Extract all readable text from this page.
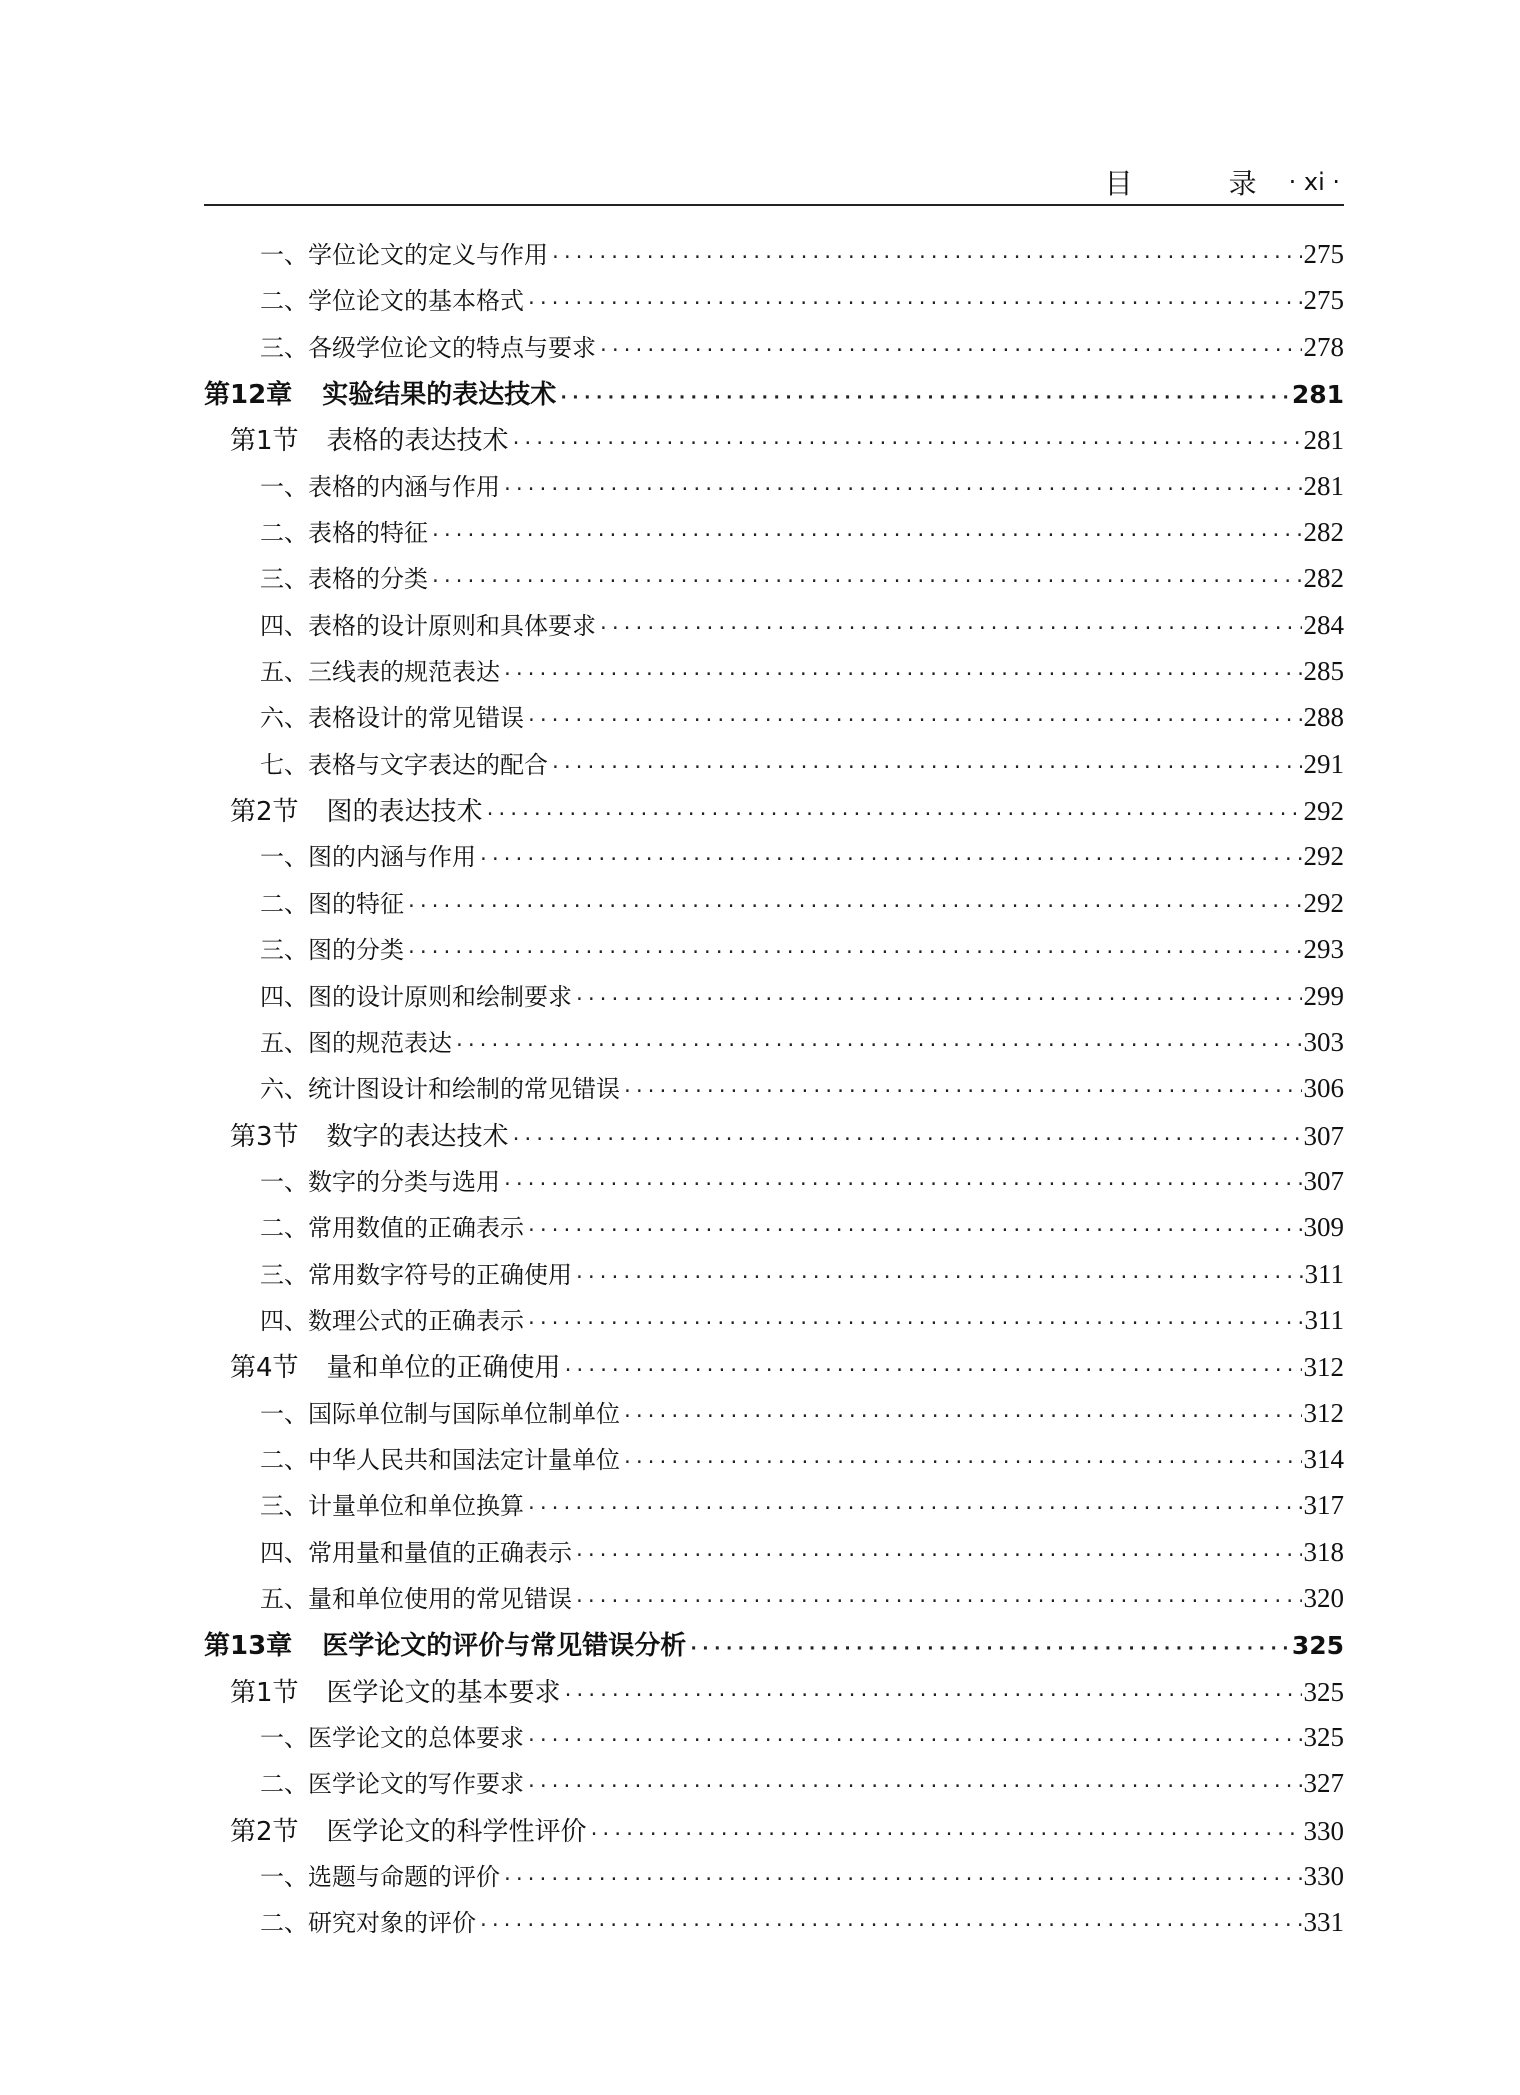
目　录
· xi ·
一、学位论文的定义与作用 ·····	275
二、学位论文的基本格式 ·····	275
三、各级学位论文的特点与要求 ·····	278
第12章 实验结果的表达技术 ·····	281
第1节 表格的表达技术 ·····	281
一、表格的内涵与作用 ·····	281
二、表格的特征 ·····	282
三、表格的分类 ·····	282
四、表格的设计原则和具体要求 ·····	284
五、三线表的规范表达 ·····	285
六、表格设计的常见错误 ·····	288
七、表格与文字表达的配合 ·····	291
第2节 图的表达技术 ·····	292
一、图的内涵与作用 ·····	292
二、图的特征 ·····	292
三、图的分类 ·····	293
四、图的设计原则和绘制要求 ·····	299
五、图的规范表达 ·····	303
六、统计图设计和绘制的常见错误 ·····	306
第3节 数字的表达技术 ·····	307
一、数字的分类与选用 ·····	307
二、常用数值的正确表示 ·····	309
三、常用数字符号的正确使用 ·····	311
四、数理公式的正确表示 ·····	311
第4节 量和单位的正确使用 ·····	312
一、国际单位制与国际单位制单位 ·····	312
二、中华人民共和国法定计量单位 ·····	314
三、计量单位和单位换算 ·····	317
四、常用量和量值的正确表示 ·····	318
五、量和单位使用的常见错误 ·····	320
第13章 医学论文的评价与常见错误分析 ·····	325
第1节 医学论文的基本要求 ·····	325
一、医学论文的总体要求 ·····	325
二、医学论文的写作要求 ·····	327
第2节 医学论文的科学性评价 ·····	330
一、选题与命题的评价 ·····	330
二、研究对象的评价 ·····	331
